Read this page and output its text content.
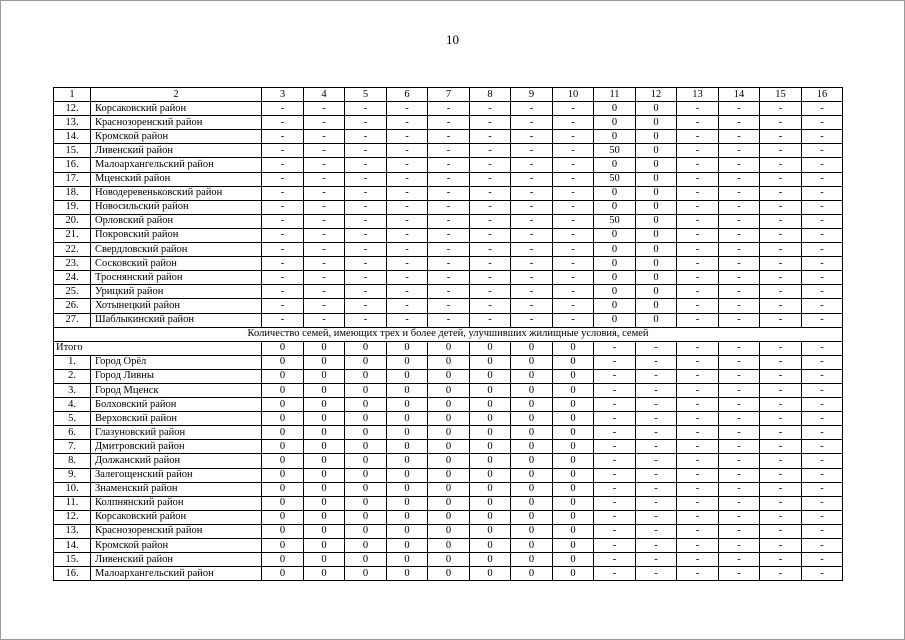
10
1	2	3	4	5	6	7	8	9	10	11	12	13	14	15	16
12.	Корсаковский район	-	-	-	-	-	-	-	-	0	0	-	-	-	-
13.	Краснозоренский район	-	-	-	-	-	-	-	-	0	0	-	-	-	-
14.	Кромской район	-	-	-	-	-	-	-	-	0	0	-	-	-	-
15.	Ливенский район	-	-	-	-	-	-	-	-	50	0	-	-	-	-
16.	Малоархангельский район	-	-	-	-	-	-	-	-	0	0	-	-	-	-
17.	Мценский район	-	-	-	-	-	-	-	-	50	0	-	-	-	-
18.	Новодеревеньковский район	-	-	-	-	-	-	-	-	0	0	-	-	-	-
19.	Новосильский район	-	-	-	-	-	-	-	-	0	0	-	-	-	-
20.	Орловский район	-	-	-	-	-	-	-	-	50	0	-	-	-	-
21.	Покровский район	-	-	-	-	-	-	-	-	0	0	-	-	-	-
22.	Свердловский район	-	-	-	-	-	-	-	-	0	0	-	-	-	-
23.	Сосковский район	-	-	-	-	-	-	-	-	0	0	-	-	-	-
24.	Троснянский район	-	-	-	-	-	-	-	-	0	0	-	-	-	-
25.	Урицкий район	-	-	-	-	-	-	-	-	0	0	-	-	-	-
26.	Хотынецкий район	-	-	-	-	-	-	-	-	0	0	-	-	-	-
27.	Шаблыкинский район	-	-	-	-	-	-	-	-	0	0	-	-	-	-
Количество семей, имеющих трех и более детей, улучшивших жилищные условия, семей															
Итого		0	0	0	0	0	0	0	0	-	-	-	-	-	-
1.	Город Орёл	0	0	0	0	0	0	0	0	-	-	-	-	-	-
2.	Город Ливны	0	0	0	0	0	0	0	0	-	-	-	-	-	-
3.	Город Мценск	0	0	0	0	0	0	0	0	-	-	-	-	-	-
4.	Болховский район	0	0	0	0	0	0	0	0	-	-	-	-	-	-
5.	Верховский район	0	0	0	0	0	0	0	0	-	-	-	-	-	-
6.	Глазуновский район	0	0	0	0	0	0	0	0	-	-	-	-	-	-
7.	Дмитровский район	0	0	0	0	0	0	0	0	-	-	-	-	-	-
8.	Должанский район	0	0	0	0	0	0	0	0	-	-	-	-	-	-
9.	Залегощенский район	0	0	0	0	0	0	0	0	-	-	-	-	-	-
10.	Знаменский район	0	0	0	0	0	0	0	0	-	-	-	-	-	-
11.	Колпнянский район	0	0	0	0	0	0	0	0	-	-	-	-	-	-
12.	Корсаковский район	0	0	0	0	0	0	0	0	-	-	-	-	-	-
13.	Краснозоренский район	0	0	0	0	0	0	0	0	-	-	-	-	-	-
14.	Кромской район	0	0	0	0	0	0	0	0	-	-	-	-	-	-
15.	Ливенский район	0	0	0	0	0	0	0	0	-	-	-	-	-	-
16.	Малоархангельский район	0	0	0	0	0	0	0	0	-	-	-	-	-	-
